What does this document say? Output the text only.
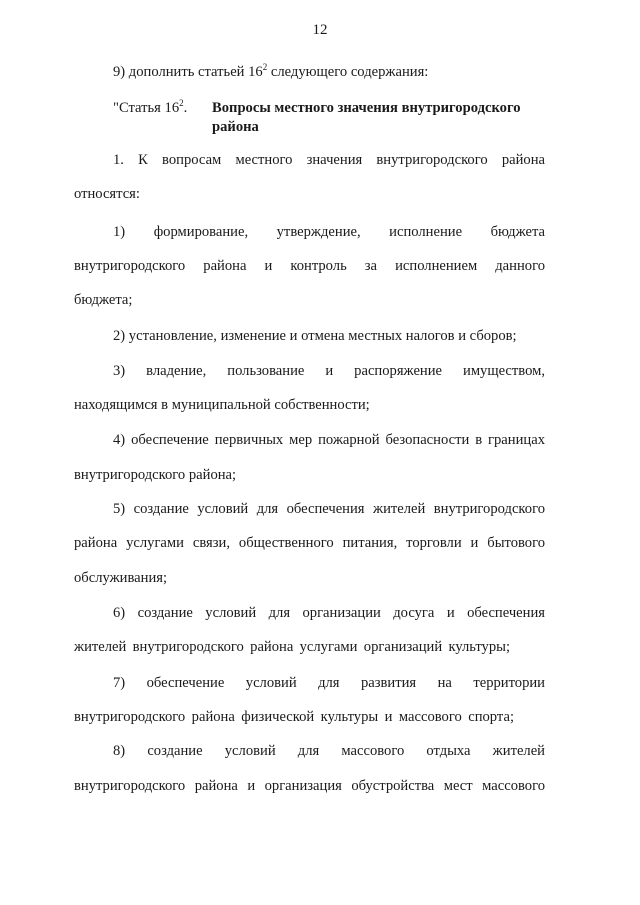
12
9) дополнить статьей $16^2$ следующего содержания:
"Статья $16^2$. Вопросы местного значения внутригородского
района
1. К вопросам местного значения внутригородского района
относятся:
1) формирование, утверждение, исполнение бюджета
внутригородского района и контроль за исполнением данного
бюджета;
2) установление, изменение и отмена местных налогов и сборов;
3) владение, пользование и распоряжение имуществом,
находящимся в муниципальной собственности;
4) обеспечение первичных мер пожарной безопасности в границах
внутригородского района;
5) создание условий для обеспечения жителей внутригородского
района услугами связи, общественного питания, торговли и бытового
обслуживания;
6) создание условий для организации досуга и обеспечения
жителей внутригородского района услугами организаций культуры;
7) обеспечение условий для развития на территории
внутригородского района физической культуры и массового спорта;
8) создание условий для массового отдыха жителей
внутригородского района и организация обустройства мест массового
